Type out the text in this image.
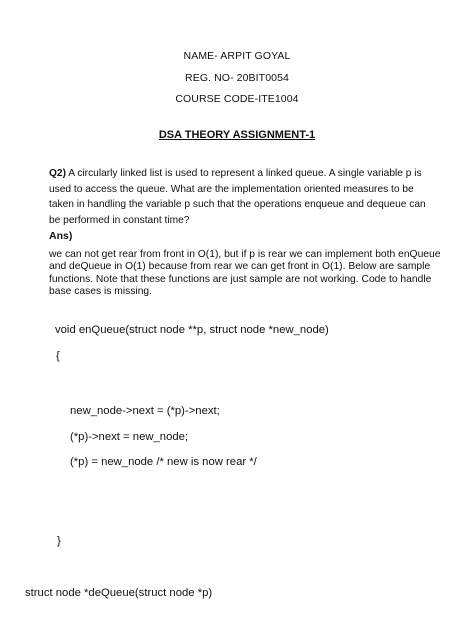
NAME- ARPIT GOYAL
REG. NO- 20BIT0054
COURSE CODE-ITE1004
DSA THEORY ASSIGNMENT-1
Q2) A circularly linked list is used to represent a linked queue. A single variable p is used to access the queue. What are the implementation oriented measures to be taken in handling the variable p such that the operations enqueue and dequeue can be performed in constant time?
Ans)
we can not get rear from front in O(1), but if p is rear we can implement both enQueue and deQueue in O(1) because from rear we can get front in O(1). Below are sample functions. Note that these functions are just sample are not working. Code to handle base cases is missing.
void enQueue(struct node **p, struct node *new_node)
{
new_node->next = (*p)->next;
(*p)->next = new_node;
(*p) = new_node /* new is now rear */
}
struct node *deQueue(struct node *p)
